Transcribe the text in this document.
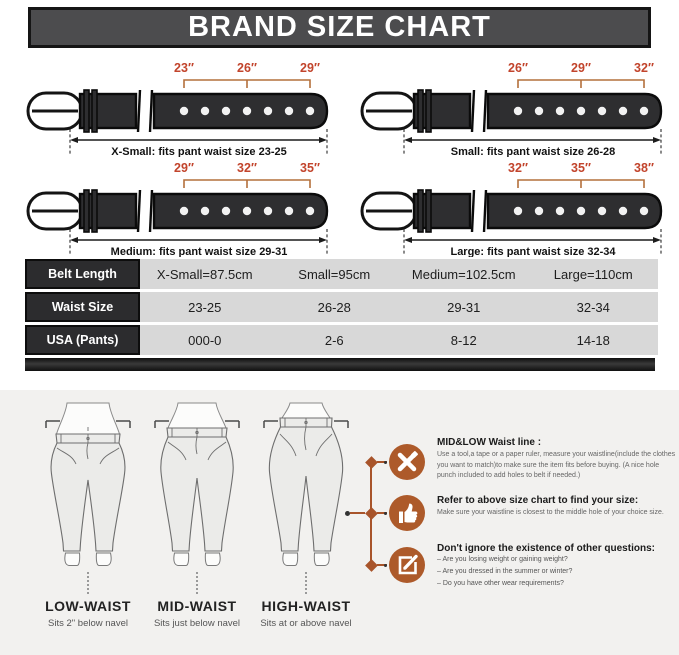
BRAND SIZE CHART
23″	26″	29″
X-Small: fits pant waist size 23-25
26″	29″	32″
Small: fits pant waist size 26-28
29″	32″	35″
Medium: fits pant waist size 29-31
32″	35″	38″
Large: fits pant waist size 32-34
Belt Length	X-Small=87.5cm	Small=95cm	Medium=102.5cm	Large=110cm
Waist Size	23-25	26-28	29-31	32-34
USA (Pants)	000-0	2-6	8-12	14-18
LOW-WAIST
Sits 2" below navel
MID-WAIST
Sits just below navel
HIGH-WAIST
Sits at or above navel
MID&LOW Waist line :
Use a tool,a tape or a paper ruler, measure your waistline(include the clothes you want to match)to make sure the item fits before buying. (A nice hole punch included to add holes to belt if needed.)
Refer to above size chart to find your size:
Make sure your waistline is closest to the middle hole of your choice size.
Don't ignore the existence of other questions:
– Are you losing weight or gaining weight?
– Are you dressed in the summer or winter?
– Do you have other wear requirements?
